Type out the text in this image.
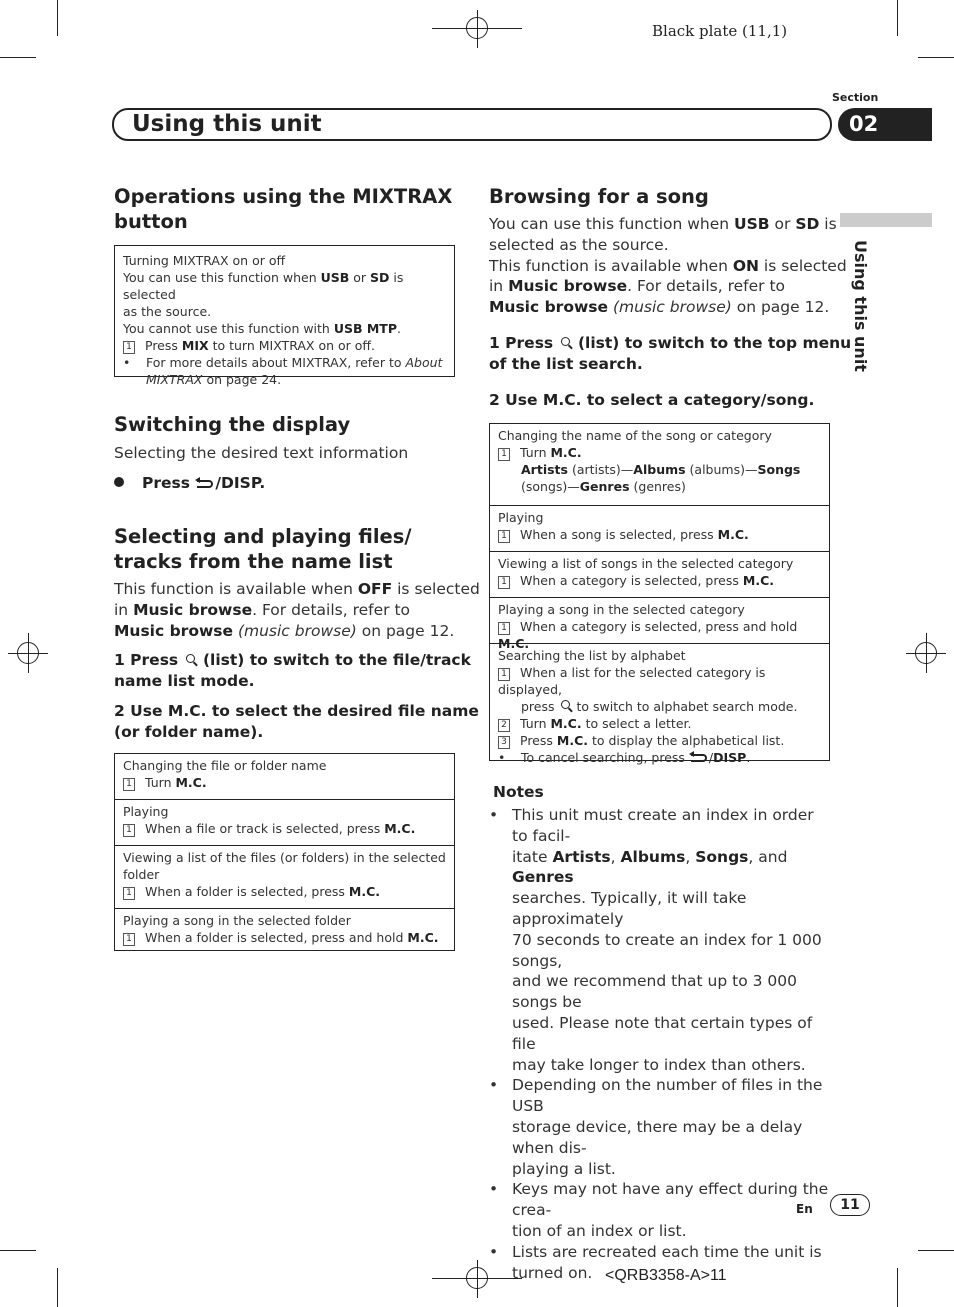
Black plate (11,1)
Section
Using this unit	02
Using this unit
Operations using the MIXTRAX
button
Turning MIXTRAX on or off
You can use this function when USB or SD is selected
as the source.
You cannot use this function with USB MTP.
1 Press MIX to turn MIXTRAX on or off.
• For more details about MIXTRAX, refer to About
MIXTRAX on page 24.
Switching the display
Selecting the desired text information
Press /DISP.
Selecting and playing files/
tracks from the name list
This function is available when OFF is selected
in Music browse. For details, refer to
Music browse (music browse) on page 12.
1 Press  (list) to switch to the file/track
name list mode.
2 Use M.C. to select the desired file name
(or folder name).
Changing the file or folder name
1 Turn M.C.
Playing
1 When a file or track is selected, press M.C.
Viewing a list of the files (or folders) in the selected
folder
1 When a folder is selected, press M.C.
Playing a song in the selected folder
1 When a folder is selected, press and hold M.C.
Browsing for a song
You can use this function when USB or SD is
selected as the source.
This function is available when ON is selected
in Music browse. For details, refer to
Music browse (music browse) on page 12.
1 Press  (list) to switch to the top menu
of the list search.
2 Use M.C. to select a category/song.
Changing the name of the song or category
1 Turn M.C.
Artists (artists)—Albums (albums)—Songs
(songs)—Genres (genres)
Playing
1 When a song is selected, press M.C.
Viewing a list of songs in the selected category
1 When a category is selected, press M.C.
Playing a song in the selected category
1 When a category is selected, press and hold M.C.
Searching the list by alphabet
1 When a list for the selected category is displayed,
press  to switch to alphabet search mode.
2 Turn M.C. to select a letter.
3 Press M.C. to display the alphabetical list.
• To cancel searching, press /DISP.
Notes
• This unit must create an index in order to facil-
itate Artists, Albums, Songs, and Genres
searches. Typically, it will take approximately
70 seconds to create an index for 1 000 songs,
and we recommend that up to 3 000 songs be
used. Please note that certain types of file
may take longer to index than others.
• Depending on the number of files in the USB
storage device, there may be a delay when dis-
playing a list.
• Keys may not have any effect during the crea-
tion of an index or list.
• Lists are recreated each time the unit is
turned on.
En	11
<QRB3358-A>11
